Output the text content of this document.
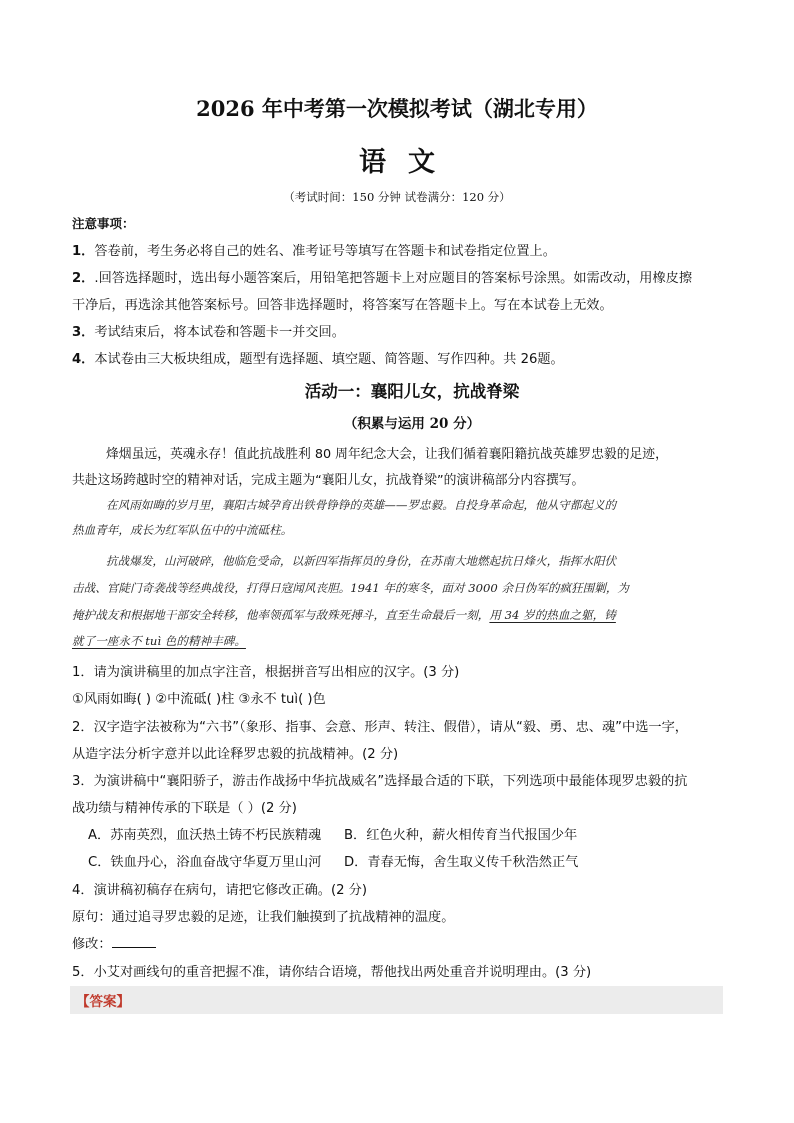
2026 年中考第一次模拟考试（湖北专用）
语文
（考试时间：150 分钟 试卷满分：120 分）
注意事项：
1．答卷前，考生务必将自己的姓名、准考证号等填写在答题卡和试卷指定位置上。
2．.回答选择题时，选出每小题答案后，用铅笔把答题卡上对应题目的答案标号涂黑。如需改动，用橡皮擦
干净后，再选涂其他答案标号。回答非选择题时，将答案写在答题卡上。写在本试卷上无效。
3．考试结束后，将本试卷和答题卡一并交回。
4．本试卷由三大板块组成，题型有选择题、填空题、简答题、写作四种。共 26题。
活动一：襄阳儿女，抗战脊梁
（积累与运用 20 分）
烽烟虽远，英魂永存！值此抗战胜利 80 周年纪念大会，让我们循着襄阳籍抗战英雄罗忠毅的足迹，
共赴这场跨越时空的精神对话，完成主题为“襄阳儿女，抗战脊梁”的演讲稿部分内容撰写。
在风雨如晦的岁月里，襄阳古城孕育出铁骨铮铮的英雄——罗忠毅。自投身革命起，他从守都起义的
热血青年，成长为红军队伍中的中流砥柱。
抗战爆发，山河破碎，他临危受命，以新四军指挥员的身份，在苏南大地燃起抗日烽火，指挥水阳伏
击战、官陡门奇袭战等经典战役，打得日寇闻风丧胆。1941 年的寒冬，面对 3000 余日伪军的疯狂围剿，为
掩护战友和根据地干部安全转移，他率领孤军与敌殊死搏斗，直至生命最后一刻，用 34 岁的热血之躯，铸
就了一座永不 tuì 色的精神丰碑。
1．请为演讲稿里的加点字注音，根据拼音写出相应的汉字。(3 分)
①风雨如晦( ) ②中流砥( )柱 ③永不 tuì( )色
2．汉字造字法被称为“六书”（象形、指事、会意、形声、转注、假借），请从“毅、勇、忠、魂”中选一字，
从造字法分析字意并以此诠释罗忠毅的抗战精神。(2 分)
3．为演讲稿中“襄阳骄子，游击作战扬中华抗战威名”选择最合适的下联，下列选项中最能体现罗忠毅的抗
战功绩与精神传承的下联是（ ）(2 分)
A．苏南英烈，血沃热土铸不朽民族精魂 B．红色火种，薪火相传育当代报国少年
C．铁血丹心，浴血奋战守华夏万里山河 D．青春无悔，舍生取义传千秋浩然正气
4．演讲稿初稿存在病句，请把它修改正确。(2 分)
原句：通过追寻罗忠毅的足迹，让我们触摸到了抗战精神的温度。
修改：
5．小艾对画线句的重音把握不准，请你结合语境，帮他找出两处重音并说明理由。(3 分)
【答案】
